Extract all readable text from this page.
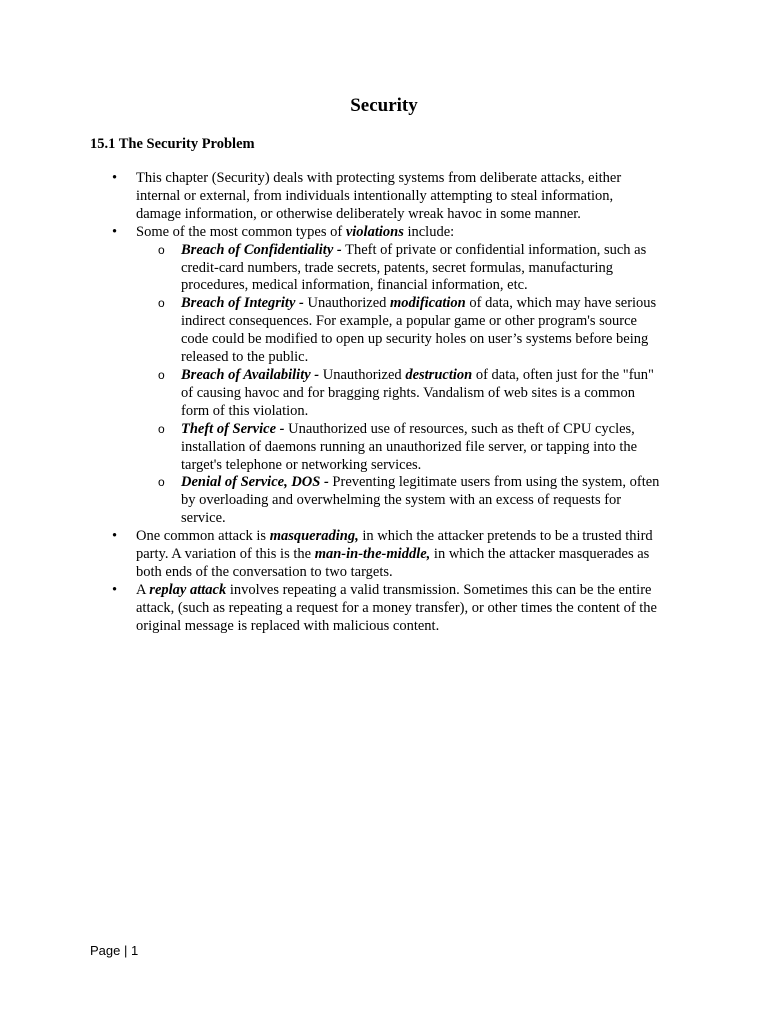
Security
15.1 The Security Problem
•	This chapter (Security) deals with protecting systems from deliberate attacks, either
internal or external, from individuals intentionally attempting to steal information,
damage information, or otherwise deliberately wreak havoc in some manner.
•	Some of the most common types of violations include:
o Breach of Confidentiality - Theft of private or confidential information, such as
credit-card numbers, trade secrets, patents, secret formulas, manufacturing
procedures, medical information, financial information, etc.
o Breach of Integrity - Unauthorized modification of data, which may have serious
indirect consequences. For example, a popular game or other program's source
code could be modified to open up security holes on user’s systems before being
released to the public.
o Breach of Availability - Unauthorized destruction of data, often just for the "fun"
of causing havoc and for bragging rights. Vandalism of web sites is a common
form of this violation.
o Theft of Service - Unauthorized use of resources, such as theft of CPU cycles,
installation of daemons running an unauthorized file server, or tapping into the
target's telephone or networking services.
o Denial of Service, DOS - Preventing legitimate users from using the system, often
by overloading and overwhelming the system with an excess of requests for
service.
•	One common attack is masquerading, in which the attacker pretends to be a trusted third
party. A variation of this is the man-in-the-middle, in which the attacker masquerades as
both ends of the conversation to two targets.
•	A replay attack involves repeating a valid transmission. Sometimes this can be the entire
attack, (such as repeating a request for a money transfer), or other times the content of the
original message is replaced with malicious content.

Page | 1
